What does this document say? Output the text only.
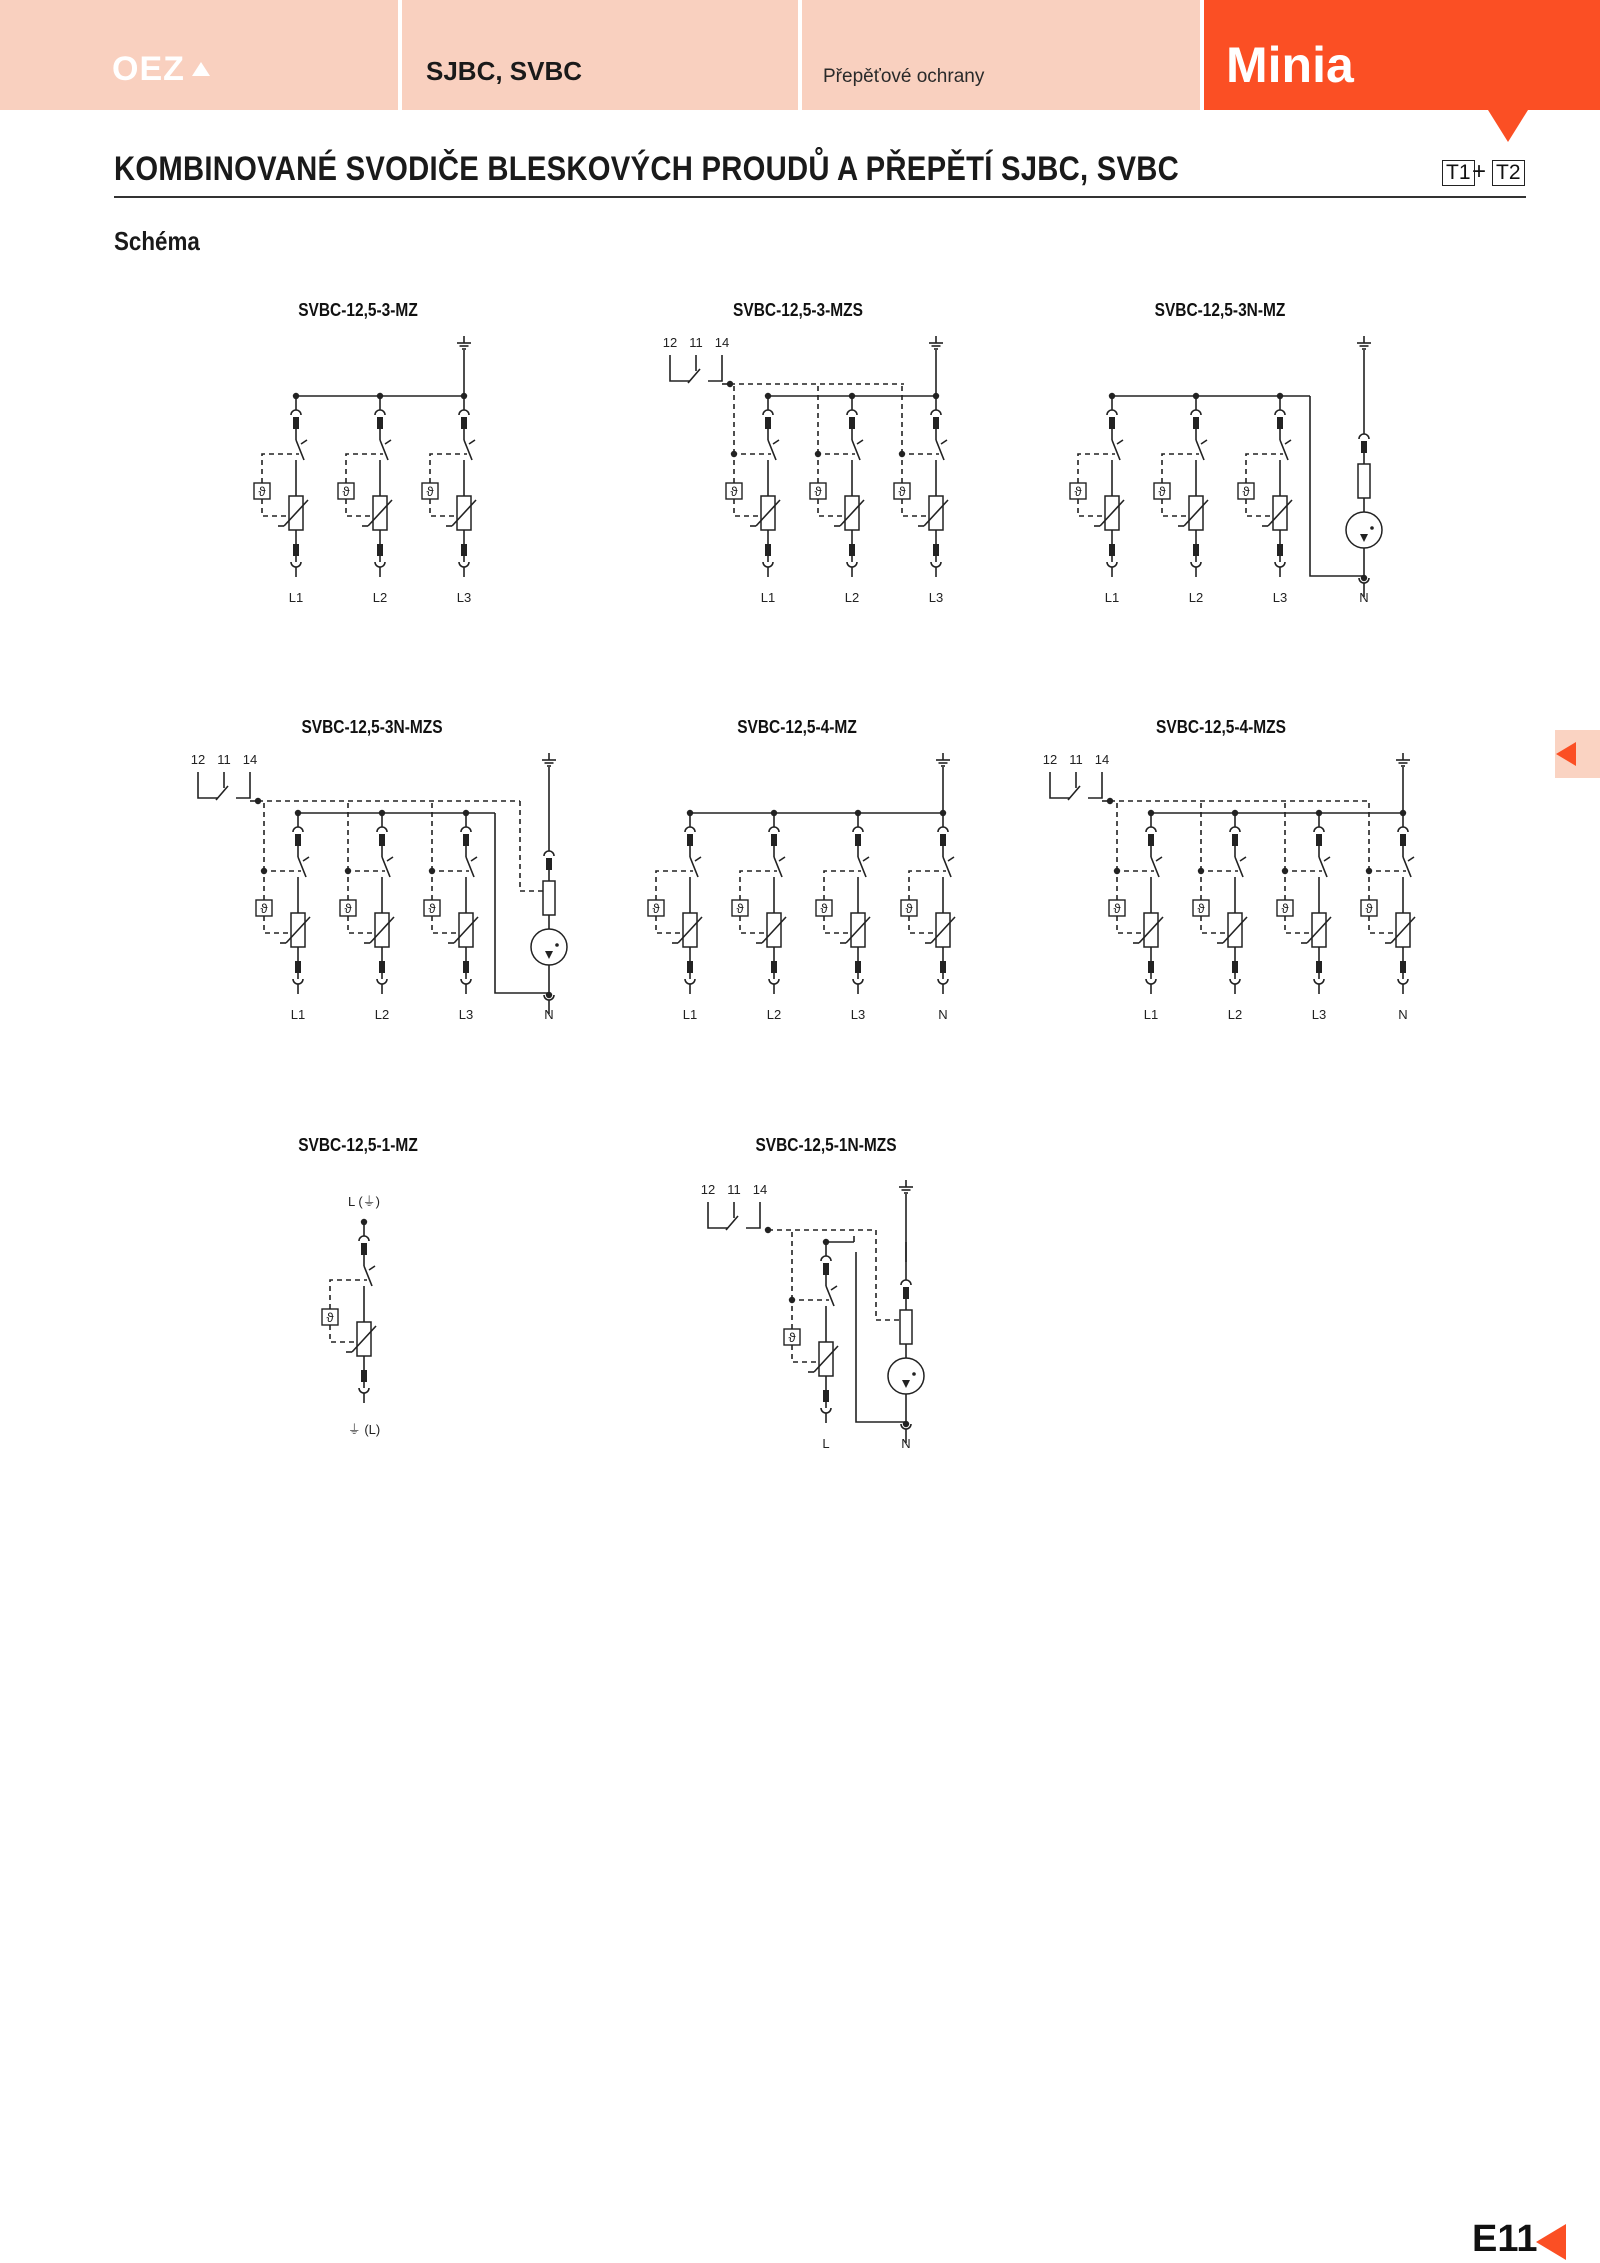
OEZ	SJBC, SVBC	Přepěťové ochrany	Minia
KOMBINOVANÉ SVODIČE BLESKOVÝCH PROUDŮ A PŘEPĚTÍ SJBC, SVBC	T1 + T2
Schéma
SVBC-12,5-3-MZ	SVBC-12,5-3-MZS	SVBC-12,5-3N-MZ
SVBC-12,5-3N-MZS	SVBC-12,5-4-MZ	SVBC-12,5-4-MZS
SVBC-12,5-1-MZ	SVBC-12,5-1N-MZS
ϑ	ϑ	ϑ
L1	L2	L3
ϑ	ϑ	ϑ
12 11 14
L1	L2	L3
ϑ	ϑ	ϑ
L1	L2	L3	N
ϑ	ϑ	ϑ
12 11 14
L1	L2	L3	N
ϑ	ϑ	ϑ	ϑ
L1	L2	L3	N
ϑ	ϑ	ϑ	ϑ
12 11 14
L1	L2	L3	N
L (⏚)
ϑ
⏚ (L)
ϑ
12 11 14
L	N
E11
